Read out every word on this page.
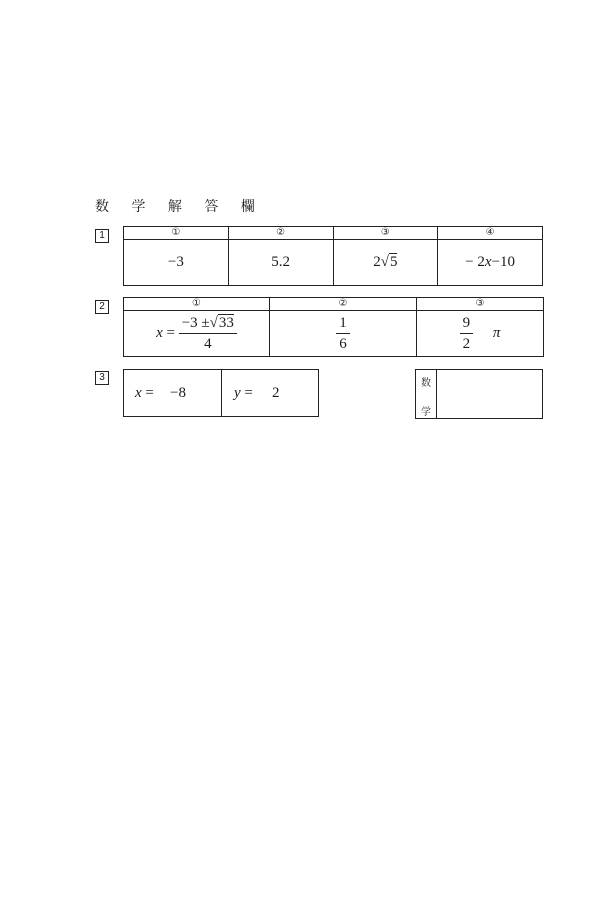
数 学 解 答 欄
1	①	②	③	④
−3	5.2	2√5	− 2x−10
2	①	②	③
$x = \frac{-3 \pm√33}{4}$	$\frac{1}{6}$	$\frac{9}{2}$ π
3
x = −8	y = 2
数
学
